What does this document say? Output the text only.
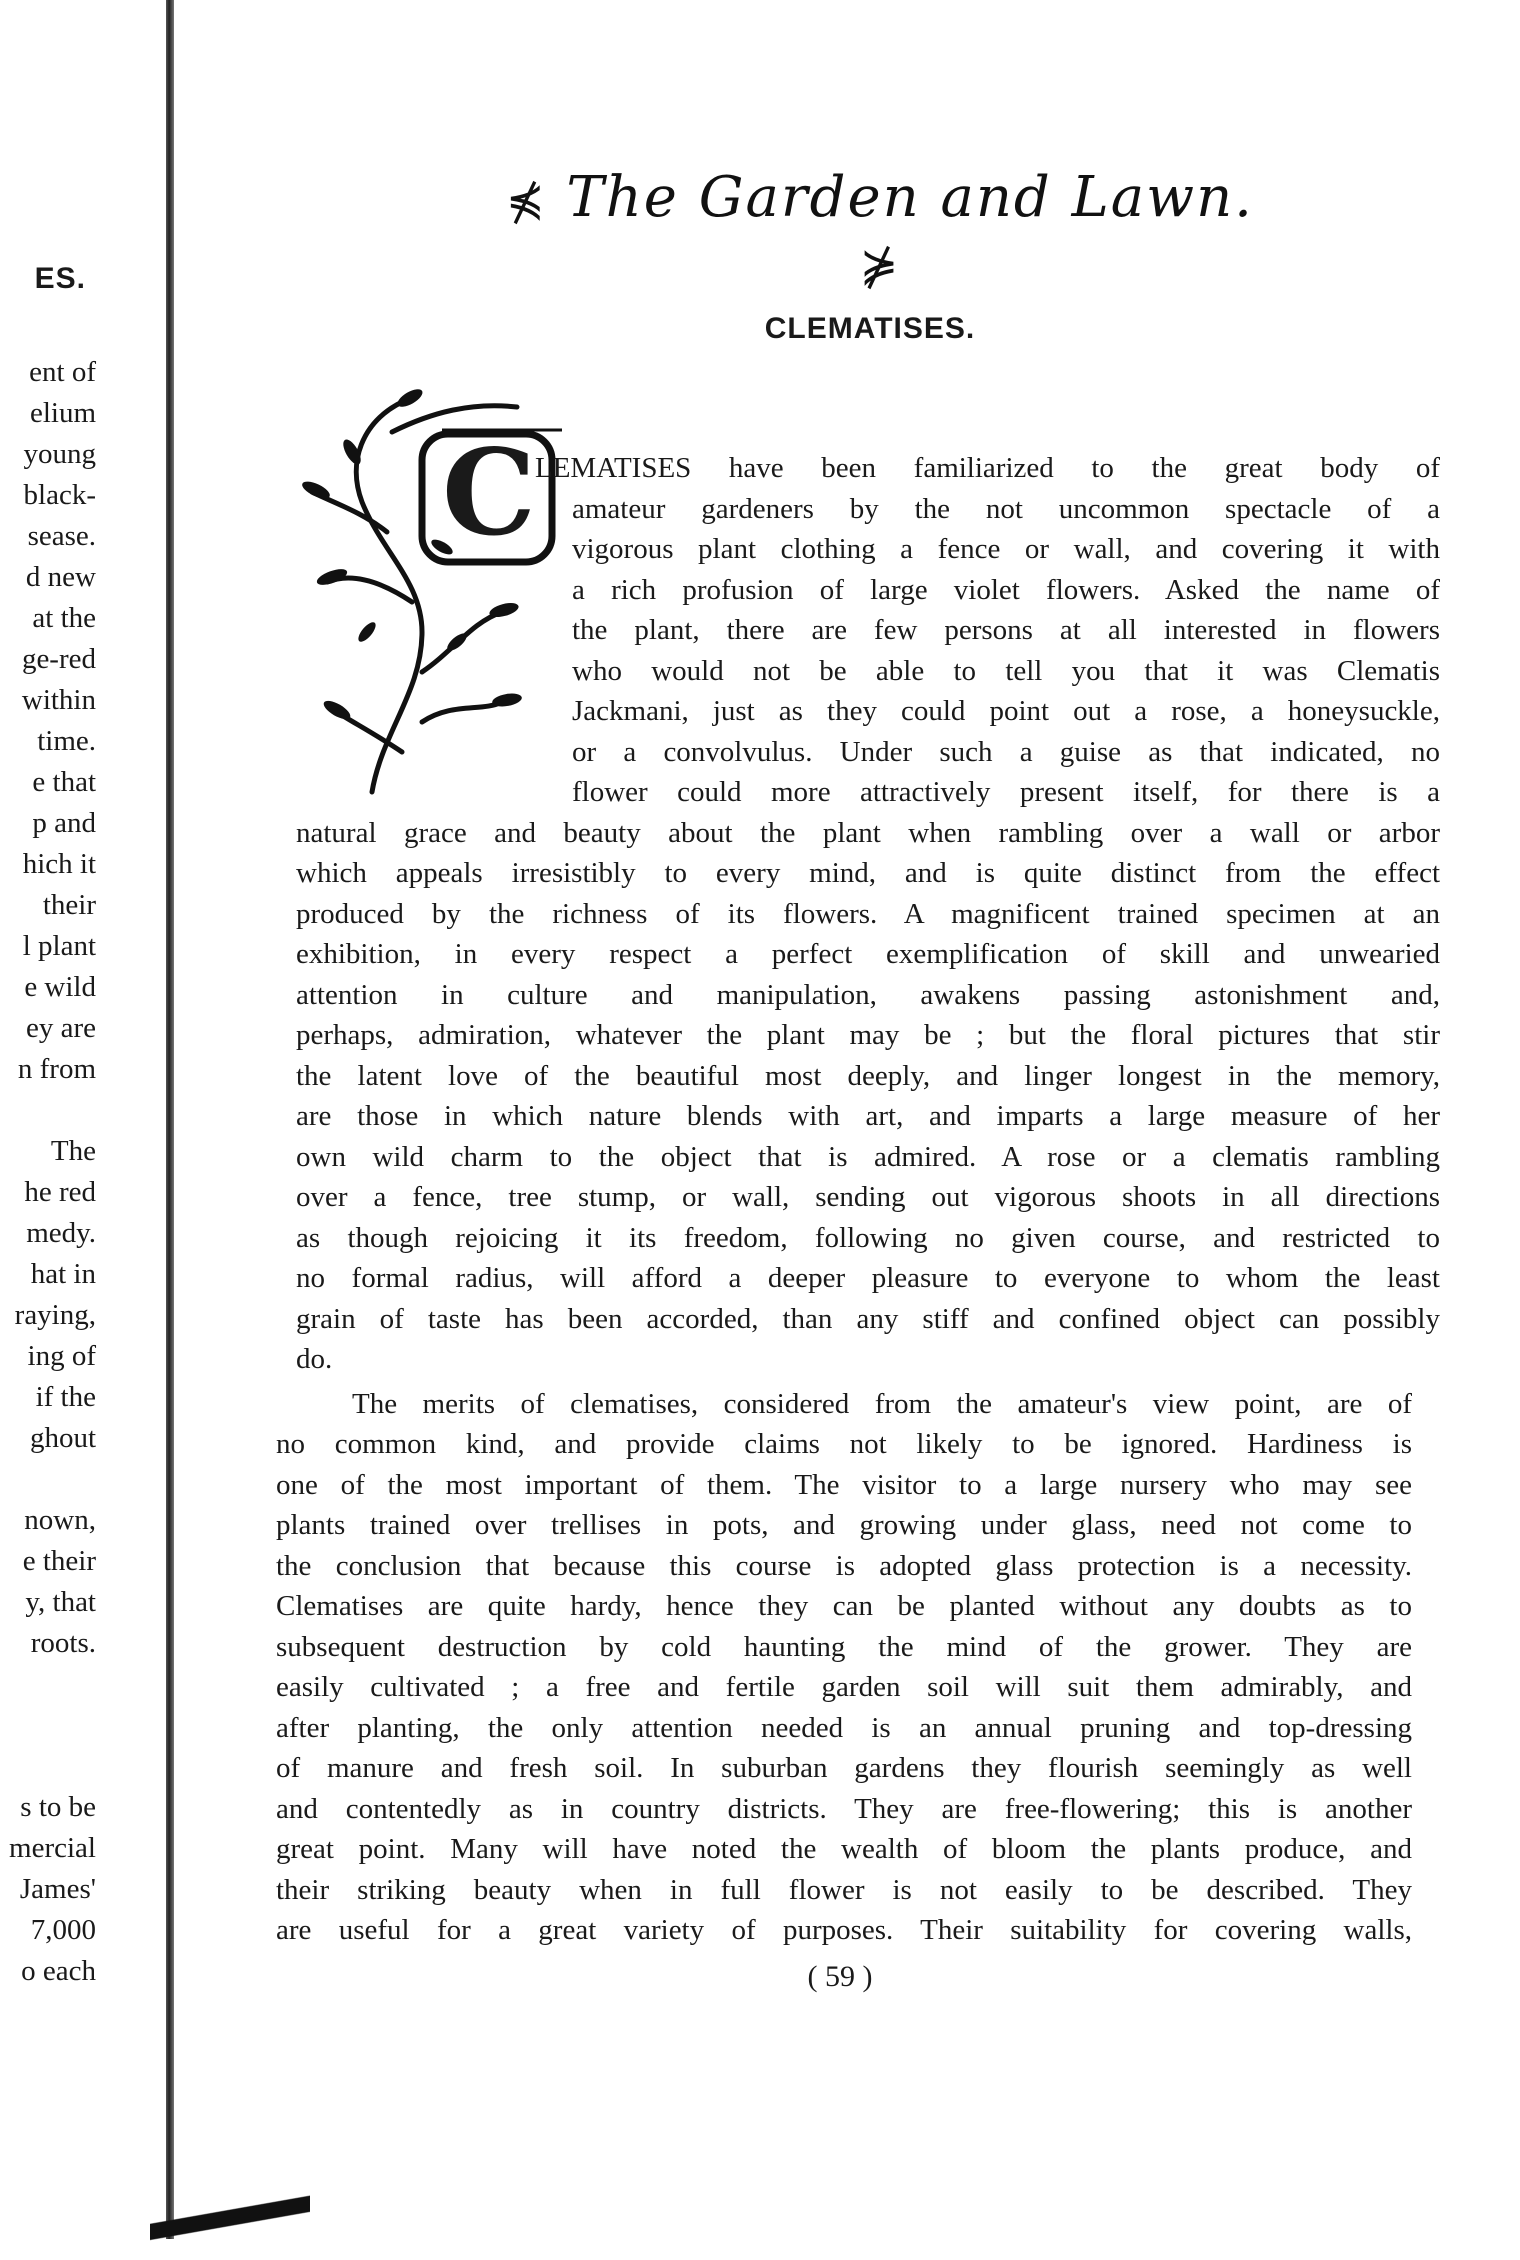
ES.
ent of
elium
young
black-
sease.
d new
at the
ge-red
within
time.
e that
p and
hich it
their
l plant
e wild
ey are
n from
The
he red
medy.
hat in
raying,
ing of
if the
ghout
nown,
e their
y, that
roots.
s to be
mercial
James'
7,000
o each
⋠ The Garden and Lawn. ⋡
CLEMATISES.
C LEMATISES have been familiarized to the great body of
amateur gardeners by the not uncommon spectacle of a
vigorous plant clothing a fence or wall, and covering it with
a rich profusion of large violet flowers. Asked the name of
the plant, there are few persons at all interested in flowers
who would not be able to tell you that it was Clematis
Jackmani, just as they could point out a rose, a honeysuckle,
or a convolvulus. Under such a guise as that indicated, no
flower could more attractively present itself, for there is a
natural grace and beauty about the plant when rambling over a wall or arbor
which appeals irresistibly to every mind, and is quite distinct from the effect
produced by the richness of its flowers. A magnificent trained specimen at an
exhibition, in every respect a perfect exemplification of skill and unwearied
attention in culture and manipulation, awakens passing astonishment and,
perhaps, admiration, whatever the plant may be ; but the floral pictures that stir
the latent love of the beautiful most deeply, and linger longest in the memory,
are those in which nature blends with art, and imparts a large measure of her
own wild charm to the object that is admired. A rose or a clematis rambling
over a fence, tree stump, or wall, sending out vigorous shoots in all directions
as though rejoicing it its freedom, following no given course, and restricted to
no formal radius, will afford a deeper pleasure to everyone to whom the least
grain of taste has been accorded, than any stiff and confined object can possibly
do.
The merits of clematises, considered from the amateur's view point, are of
no common kind, and provide claims not likely to be ignored. Hardiness is
one of the most important of them. The visitor to a large nursery who may see
plants trained over trellises in pots, and growing under glass, need not come to
the conclusion that because this course is adopted glass protection is a necessity.
Clematises are quite hardy, hence they can be planted without any doubts as to
subsequent destruction by cold haunting the mind of the grower. They are
easily cultivated ; a free and fertile garden soil will suit them admirably, and
after planting, the only attention needed is an annual pruning and top-dressing
of manure and fresh soil. In suburban gardens they flourish seemingly as well
and contentedly as in country districts. They are free-flowering; this is another
great point. Many will have noted the wealth of bloom the plants produce, and
their striking beauty when in full flower is not easily to be described. They
are useful for a great variety of purposes. Their suitability for covering walls,
( 59 )
